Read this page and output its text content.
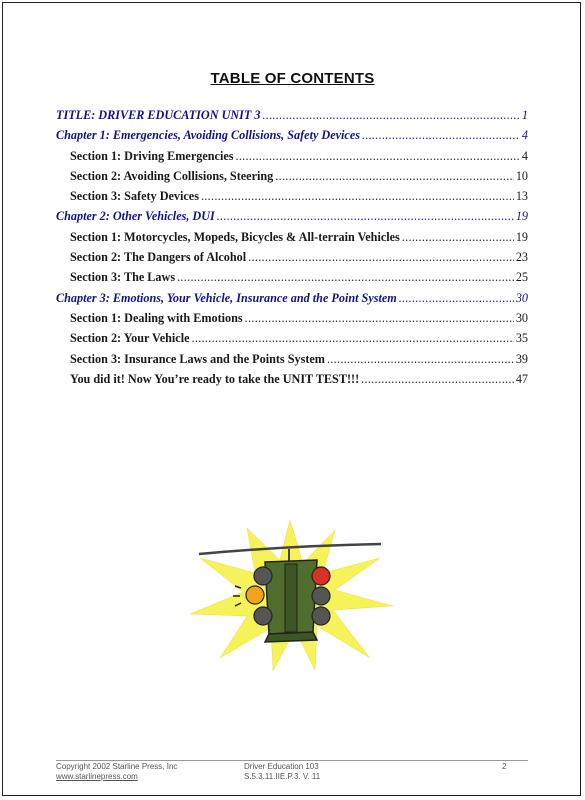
TABLE OF CONTENTS
TITLE: DRIVER EDUCATION UNIT 3 .....	1
Chapter 1: Emergencies, Avoiding Collisions, Safety Devices .....	4
Section 1: Driving Emergencies .....	4
Section 2: Avoiding Collisions, Steering .....	10
Section 3: Safety Devices .....	13
Chapter 2: Other Vehicles, DUI .....	19
Section 1: Motorcycles, Mopeds, Bicycles & All-terrain Vehicles .....	19
Section 2: The Dangers of Alcohol .....	23
Section 3: The Laws .....	25
Chapter 3: Emotions, Your Vehicle, Insurance and the Point System .....	30
Section 1: Dealing with Emotions .....	30
Section 2: Your Vehicle .....	35
Section 3: Insurance Laws and the Points System .....	39
You did it! Now You’re ready to take the UNIT TEST!!! .....	47
Copyright 2002 Starline Press, Inc
www.starlinepress.com
Driver Education 103
S.5.3.11.IIE.P.3. V. 11
2
